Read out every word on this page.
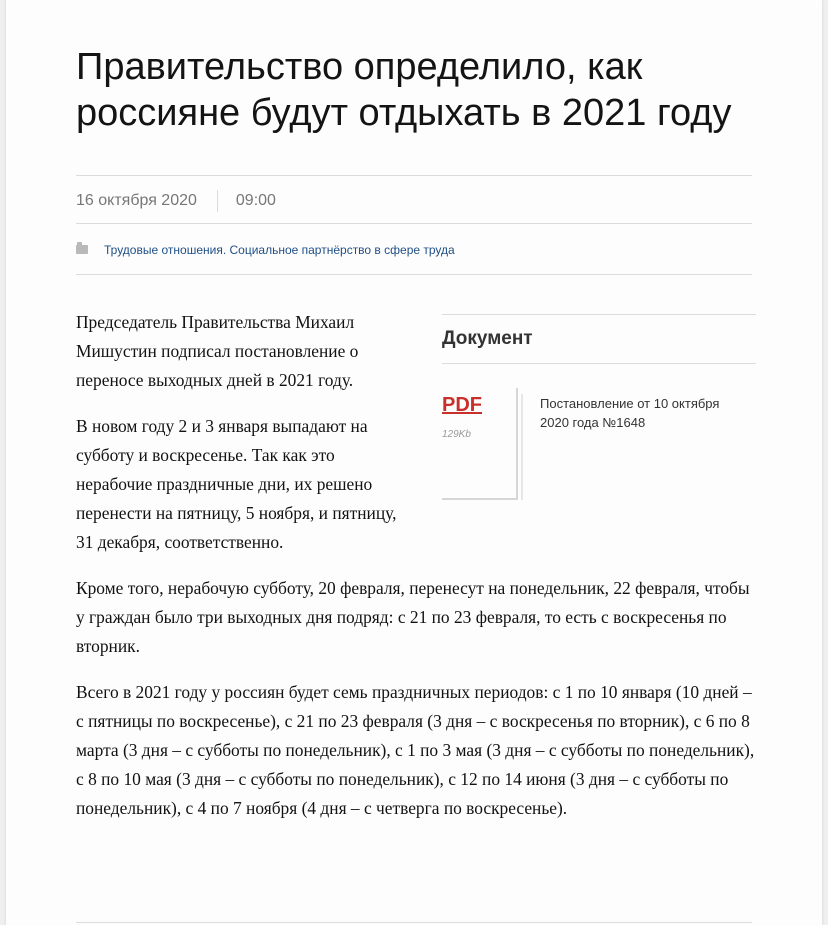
Правительство определило, как россияне будут отдыхать в 2021 году
16 октября 2020	09:00
Трудовые отношения. Социальное партнёрство в сфере труда
Документ
PDF
129Kb
Постановление от 10 октября 2020 года №1648

Председатель Правительства Михаил Мишустин подписал постановление о переносе выходных дней в 2021 году.

В новом году 2 и 3 января выпадают на субботу и воскресенье. Так как это нерабочие праздничные дни, их решено перенести на пятницу, 5 ноября, и пятницу, 31 декабря, соответственно.

Кроме того, нерабочую субботу, 20 февраля, перенесут на понедельник, 22 февраля, чтобы у граждан было три выходных дня подряд: с 21 по 23 февраля, то есть с воскресенья по вторник.

Всего в 2021 году у россиян будет семь праздничных периодов: с 1 по 10 января (10 дней – с пятницы по воскресенье), с 21 по 23 февраля (3 дня – с воскресенья по вторник), с 6 по 8 марта (3 дня – с субботы по понедельник), с 1 по 3 мая (3 дня – с субботы по понедельник), с 8 по 10 мая (3 дня – с субботы по понедельник), с 12 по 14 июня (3 дня – с субботы по понедельник), с 4 по 7 ноября (4 дня – с четверга по воскресенье).
